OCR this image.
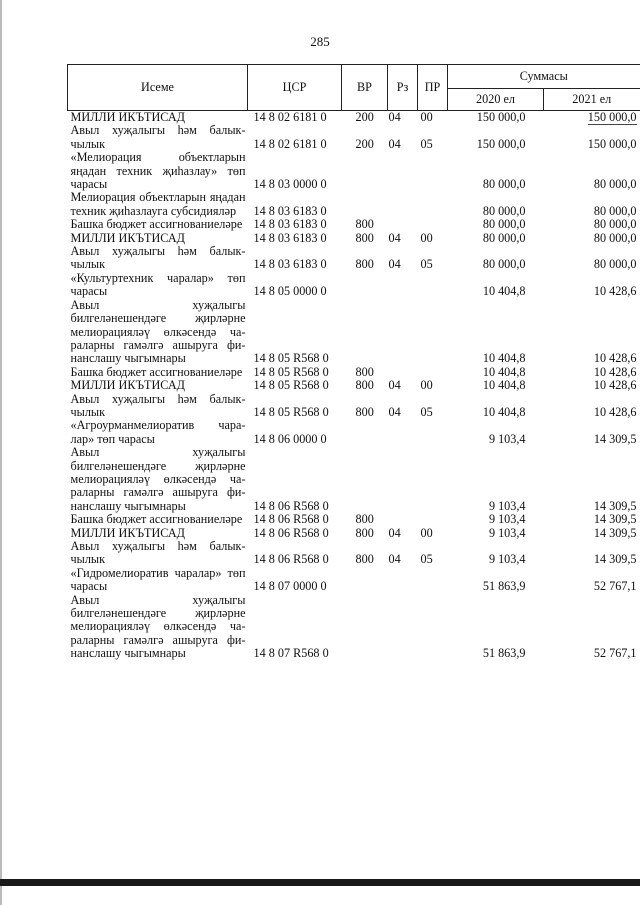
285
Исеме	ЦСР	ВР	Рз	ПР	Суммасы	
					2020 ел	2021 ел
МИЛЛИ ИКЪТИСАД	14 8 02 6181 0	200	04	00	150 000,0	150 000,0
Авыл хуҗалыгы һәм балык-чылык	14 8 02 6181 0	200	04	05	150 000,0	150 000,0
«Мелиорация объектларын яңадан техник җиһазлау» төп чарасы	14 8 03 0000 0				80 000,0	80 000,0
Мелиорация объектларын яңадан техник җиһазлауга субсидияләр	14 8 03 6183 0				80 000,0	80 000,0
Башка бюджет ассигнованиеләре	14 8 03 6183 0	800			80 000,0	80 000,0
МИЛЛИ ИКЪТИСАД	14 8 03 6183 0	800	04	00	80 000,0	80 000,0
Авыл хуҗалыгы һәм балык-чылык	14 8 03 6183 0	800	04	05	80 000,0	80 000,0
«Культуртехник чаралар» төп чарасы	14 8 05 0000 0				10 404,8	10 428,6
Авыл хуҗалыгы билгеләнешендәге җирләрне мелиорацияләү өлкәсендә ча-раларны гамәлгә ашыруга фи-нанслашу чыгымнары	14 8 05 R568 0				10 404,8	10 428,6
Башка бюджет ассигнованиеләре	14 8 05 R568 0	800			10 404,8	10 428,6
МИЛЛИ ИКЪТИСАД	14 8 05 R568 0	800	04	00	10 404,8	10 428,6
Авыл хуҗалыгы һәм балык-чылык	14 8 05 R568 0	800	04	05	10 404,8	10 428,6
«Агроурманмелиоратив чара-лар» төп чарасы	14 8 06 0000 0				9 103,4	14 309,5
Авыл хуҗалыгы билгеләнешендәге җирләрне мелиорацияләү өлкәсендә ча-раларны гамәлгә ашыруга фи-нанслашу чыгымнары	14 8 06 R568 0				9 103,4	14 309,5
Башка бюджет ассигнованиеләре	14 8 06 R568 0	800			9 103,4	14 309,5
МИЛЛИ ИКЪТИСАД	14 8 06 R568 0	800	04	00	9 103,4	14 309,5
Авыл хуҗалыгы һәм балык-чылык	14 8 06 R568 0	800	04	05	9 103,4	14 309,5
«Гидромелиоратив чаралар» төп чарасы	14 8 07 0000 0				51 863,9	52 767,1
Авыл хуҗалыгы билгеләнешендәге җирләрне мелиорацияләү өлкәсендә ча-раларны гамәлгә ашыруга фи-нанслашу чыгымнары	14 8 07 R568 0				51 863,9	52 767,1
